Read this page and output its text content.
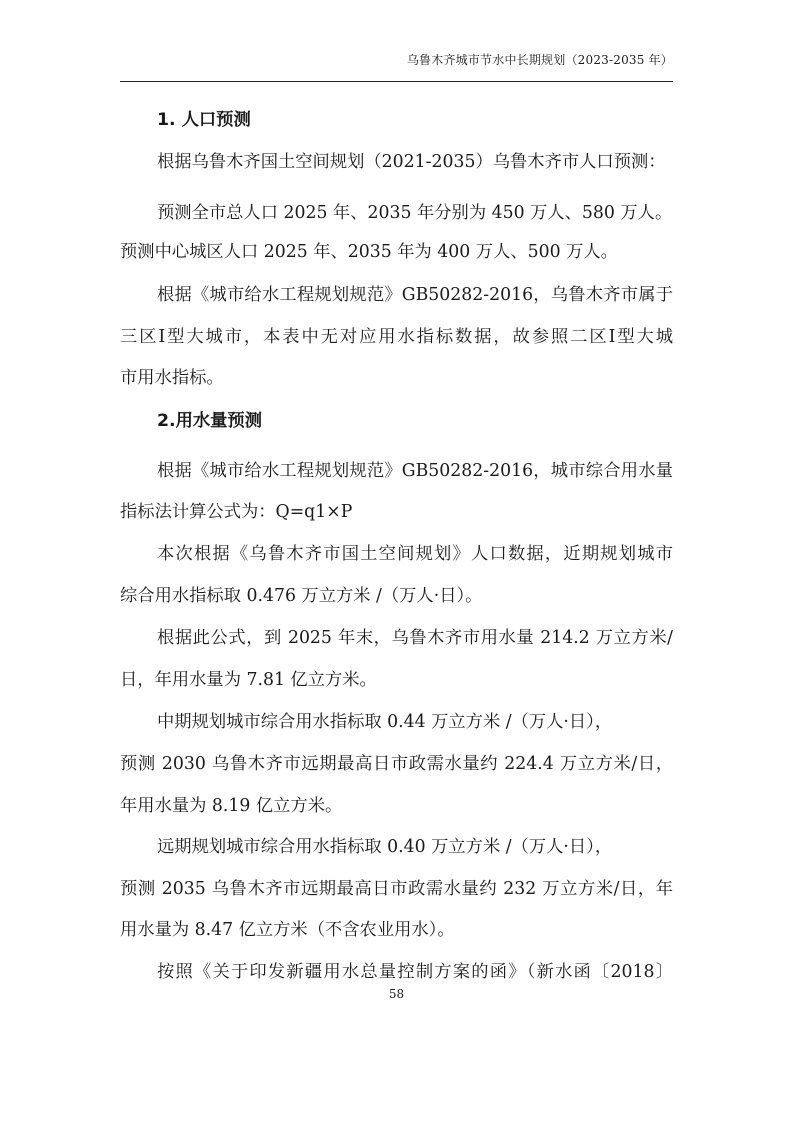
乌鲁木齐城市节水中长期规划（2023-2035 年）
1. 人口预测
根据乌鲁木齐国土空间规划（2021-2035）乌鲁木齐市人口预测：
预测全市总人口 2025 年、2035 年分别为 450 万人、580 万人。
预测中心城区人口 2025 年、2035 年为 400 万人、500 万人。
根据《城市给水工程规划规范》GB50282-2016，乌鲁木齐市属于
三区Ⅰ型大城市，本表中无对应用水指标数据，故参照二区Ⅰ型大城
市用水指标。
2.用水量预测
根据《城市给水工程规划规范》GB50282-2016，城市综合用水量
指标法计算公式为：Q=q1×P
本次根据《乌鲁木齐市国土空间规划》人口数据，近期规划城市
综合用水指标取 0.476 万立方米 /（万人·日）。
根据此公式，到 2025 年末，乌鲁木齐市用水量 214.2 万立方米/
日，年用水量为 7.81 亿立方米。
中期规划城市综合用水指标取 0.44 万立方米 /（万人·日），
预测 2030 乌鲁木齐市远期最高日市政需水量约 224.4 万立方米/日，
年用水量为 8.19 亿立方米。
远期规划城市综合用水指标取 0.40 万立方米 /（万人·日），
预测 2035 乌鲁木齐市远期最高日市政需水量约 232 万立方米/日，年
用水量为 8.47 亿立方米（不含农业用水）。
按照《关于印发新疆用水总量控制方案的函》（新水函〔2018〕
58
